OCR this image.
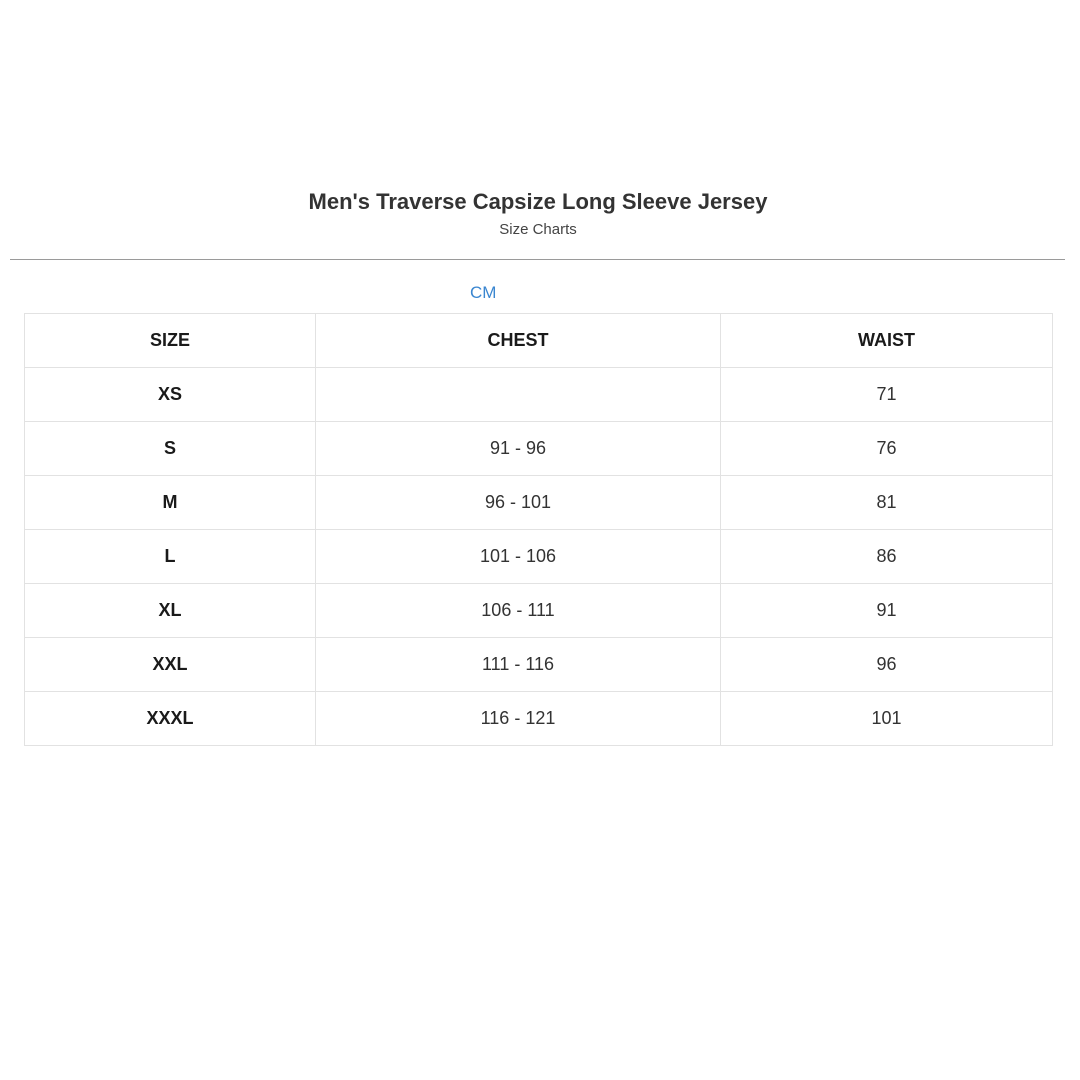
Men's Traverse Capsize Long Sleeve Jersey
Size Charts
CM
SIZE	CHEST	WAIST
XS		71
S	91 - 96	76
M	96 - 101	81
L	101 - 106	86
XL	106 - 111	91
XXL	111 - 116	96
XXXL	116 - 121	101
